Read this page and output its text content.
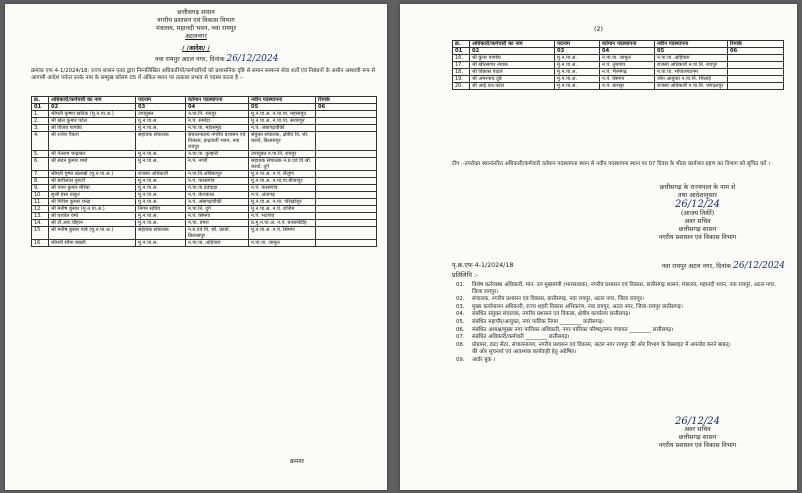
छत्तीसगढ़ शासन
नगरीय प्रशासन एवं विकास विभाग
मंत्रालय, महानदी भवन, नवा रायपुर
अटलनगर
/ /आदेश/ /
नवा रायपुर अटल नगर, दिनांक 26/12/2024
क्रमांक एफ 4-1/2024/18: राज्य शासन एतद द्वारा निम्नलिखित अधिकारियों/कर्मचारियों को प्रशासनिक दृष्टि से समान सामान्य सेवा शर्तों एवं निबंधनों के अधीन अस्थायी रूप से आगामी आदेश पर्यन्त उनके नाम के सम्मुख कॉलम 05 में अंकित स्थान पर तत्काल प्रभाव से पदस्थ करता है :-
क्र.	अधिकारी/कर्मचारी का नाम	पदनाम	वर्तमान पदस्थापना	नवीन पदस्थापना	रिमार्क
01	02	03	04	05	06
1.	श्रीमती कृष्णा खटिक (मु.न.पा.अ.)	उपायुक्त	न.पा.नि. रायपुर	मु.न.पा.अ. न.पा.पा. महासमुंद	
2.	श्री खेल कुमार पटेल	मु.न.पा.अ.	न.पं. समोदा	मु.न.पा.अ. न.पा.पा. सरायपुर	
3.	श्री विजय पाण्डेय	मु.न.पा.अ.	न.पा.पा. महासमुंद	न.पं. अंबागढ़चौकी	
4.	श्री रत्नेश पैकरा	सहायक संचालक	संचालनालय नगरीय प्रशासन एवं विकास, इन्द्रावती भवन, नवा रायपुर	संयुक्त संचालक, क्षेत्रीय वि. श्री. कार्या, बिलासपुर	
5.	श्री नेतराम चन्द्राकर	मु.न.पा.अ.	न.पा.पा. कुम्हारी	उपायुक्त न.पा.नि. रायपुर	
6.	श्री संदन कुमार शर्मा	मु.न.पा.अ.	न.पं. नगरी	सहायक संचालक न.प्र.एवं वि.श्री. कार्या. दुर्ग	
7.	श्रीमती पुष्पा खलखो (मु.न.पा.अ.)	राजस्व अधिकारी	न.पा.नि.अंबिकापुर	मु.न.पा.अ. न.पं. लैलूंगा	
8.	श्री बंशीलाल नुरूटी	मु.न.पा.अ.	न.पं. फरसगांव	मु.न.पा.अ. न.पा.पा.बीजापुर	
9.	श्री पवन कुमार मेरिया	मु.न.पा.अ.	न.पा.पा.दंतेवाड़ा	न.पं. फरसगांव	
10.	सुश्री हंसा ठाकुर	मु.न.पा.अ.	न.पं. केशकाल	न.पं. अंतागढ़	
11.	श्री गिरीश कुमार चन्द्रा	मु.न.पा.अ.	न.पं. अंबागढ़चौकी	मु.न.पा.अ. न.पा. परिखांजुर	
12.	श्री मनीष कुमार (मु.न.पा.अ.)	निगम सचिव	न.पा.नि. दुर्ग	मु.न.पा.अ. न.पं. राजिम	
13.	श्री यशवंत वर्मा	मु.न.पा.अ.	न.पं. सिमगा	न.पं. भटगांव	
14.	श्री टी.आर.चौहान	मु.न.पा.अ.	न.पा. डमरा	प्र.मु.न.पा.अ. न.पं. बनबनीडीह	
15.	श्री मनीष कुमार पात्रे (मु.न.पा.अ.)	सहायक संचालक	न.प्र.एवं वि. श्री. कार्या. बिलासपुर	मु.न.पा.अ. न.पं. सिमगा	
16.	श्रीमती सीमा बख्शी	मु.न.पा.अ.	न.पा.पा. अहिवारा	न.पा.पा. जामुल	
क्रमशः
(2)
क्र.	अधिकारी/कर्मचारी का नाम	पदनाम	वर्तमान पदस्थापना	नवीन पदस्थापना	रिमार्क
01	02	03	04	05	06
16.	श्री कुंवर पाण्डेय	मु.न.पा.अ.	न.पा.पा. जामुल	न.पा.पा. अहिवारा	
17.	श्री खीरसागर नायक	मु.न.पा.अ.	न.पं. तुमगांव	राजस्व अधिकारी न.पा.नि. रायपुर	
18.	श्री विकास पाटले	मु.न.पा.अ.	न.पं. भैरमगढ़	न.पा.पा. भोपालपटनम	
19.	श्री अमरनाथ दुबे	मु.न.पा.अ.	न.पं. सिमगा	जोन आयुक्त न.पा.नि. भिलाई	
20.	श्री आई.एल.पटेल	मु.न.पा.अ.	न.पं. बारसूर	राजस्व अधिकारी न.पा.नि. जगदलपुर	
टीप :-उपरोक्त स्थानांतरित अधिकारी/कर्मचारी वर्तमान पदस्थापना स्थान से नवीन पदस्थापना स्थान पर 07 दिवस के भीतर कार्यभार ग्रहण कर विभाग को सूचित करें ।
छत्तीसगढ़ के राज्यपाल के नाम से
तथा आदेशानुसार
26/12/24
(आजय तिर्की)
अवर सचिव
छत्तीसगढ़ शासन
नगरीय प्रशासन एवं विकास विभाग
पृ.क्र.एफ 4-1/2024/18	नवा रायपुर अटल नगर, दिनांक 26/12/2024
प्रतिलिपि :-
01.	विशेष कर्तव्यस्थ अधिकारी, मान. उप मुख्यमंत्री (भारसाधक), नगरीय प्रशासन एवं विकास, छत्तीसगढ़ शासन, मंत्रालय, महानदी भवन, नवा रायपुर, अटल नगर, जिला रायपुर।
02.	संचालक, नगरीय प्रशासन एवं विकास, छत्तीसगढ़, नवा रायपुर, अटल नगर, जिला रायपुर।
03.	मुख्य कार्यपालन अधिकारी, राज्य शहरी विकास अभिकरण, नवा रायपुर, अटल नगर, जिला-रायपुर छत्तीसगढ़।
04.	संबंधित संयुक्त संचालक, नगरीय प्रशासन एवं विकास, क्षेत्रीय कार्यालय छत्तीसगढ़।
05.	संबंधित महापौर/आयुक्त, नगर पालिक निगम ________ छत्तीसगढ़।
06.	संबंधित अध्यक्ष/मुख्य नगर पालिका अधिकारी, नगर पालिका परिषद्/नगर पंचायत ________ छत्तीसगढ़।
07.	संबंधित अधिकारी/कर्मचारी ________ छत्तीसगढ़।
08.	प्रोग्रामर, डाटा सेंटर, संचालनालय, नगरीय प्रशासन एवं विकास, अटल नगर रायपुर की ओर विभाग के वेबसाइट में अपलोड करने बाबत्।
की ओर सूचनार्थ एवं आवश्यक कार्यवाही हेतु अग्रेषित।
09.	आर्डर बुक ।
26/12/24
अवर सचिव
छत्तीसगढ़ शासन
नगरीय प्रशासन एवं विकास विभाग
